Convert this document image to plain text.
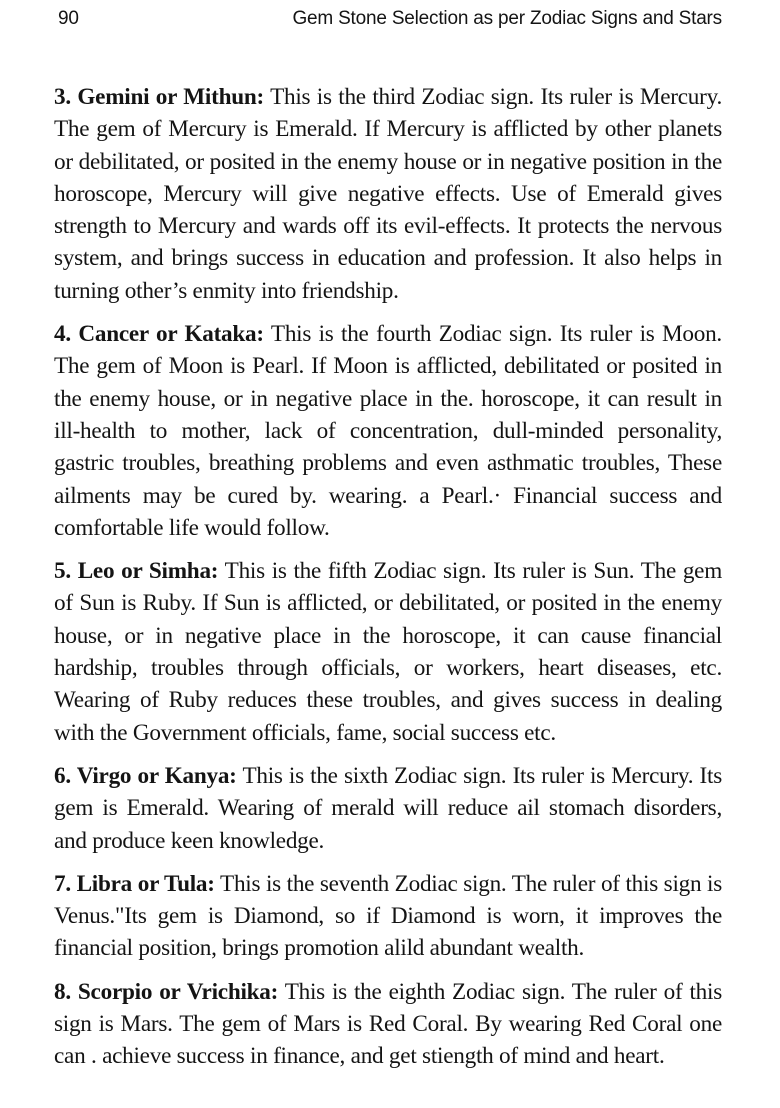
90	Gem Stone Selection as per Zodiac Signs and Stars

3. Gemini or Mithun: This is the third Zodiac sign. Its ruler is Mercury. The gem of Mercury is Emerald. If Mercury is afflicted by other planets or debilitated, or posited in the enemy house or in negative position in the horoscope, Mercury will give negative effects. Use of Emerald gives strength to Mercury and wards off its evil-effects. It protects the nervous system, and brings success in education and profession. It also helps in turning other’s enmity into friendship.

4. Cancer or Kataka: This is the fourth Zodiac sign. Its ruler is Moon. The gem of Moon is Pearl. If Moon is afflicted, debilitated or posited in the enemy house, or in negative place in the. horoscope, it can result in ill-health to mother, lack of concentration, dull-minded personality, gastric troubles, breathing problems and even asthmatic troubles, These ailments may be cured by. wearing. a Pearl.· Financial success and comfortable life would follow.

5. Leo or Simha: This is the fifth Zodiac sign. Its ruler is Sun. The gem of Sun is Ruby. If Sun is afflicted, or debilitated, or posited in the enemy house, or in negative place in the horoscope, it can cause financial hardship, troubles through officials, or workers, heart diseases, etc. Wearing of Ruby reduces these troubles, and gives success in dealing with the Government officials, fame, social success etc.

6. Virgo or Kanya: This is the sixth Zodiac sign. Its ruler is Mercury. Its gem is Emerald. Wearing of merald will reduce ail stomach disorders, and produce keen knowledge.

7. Libra or Tula: This is the seventh Zodiac sign. The ruler of this sign is Venus."Its gem is Diamond, so if Diamond is worn, it improves the financial position, brings promotion alild abundant wealth.

8. Scorpio or Vrichika: This is the eighth Zodiac sign. The ruler of this sign is Mars. The gem of Mars is Red Coral. By wearing Red Coral one can . achieve success in finance, and get stiength of mind and heart.
